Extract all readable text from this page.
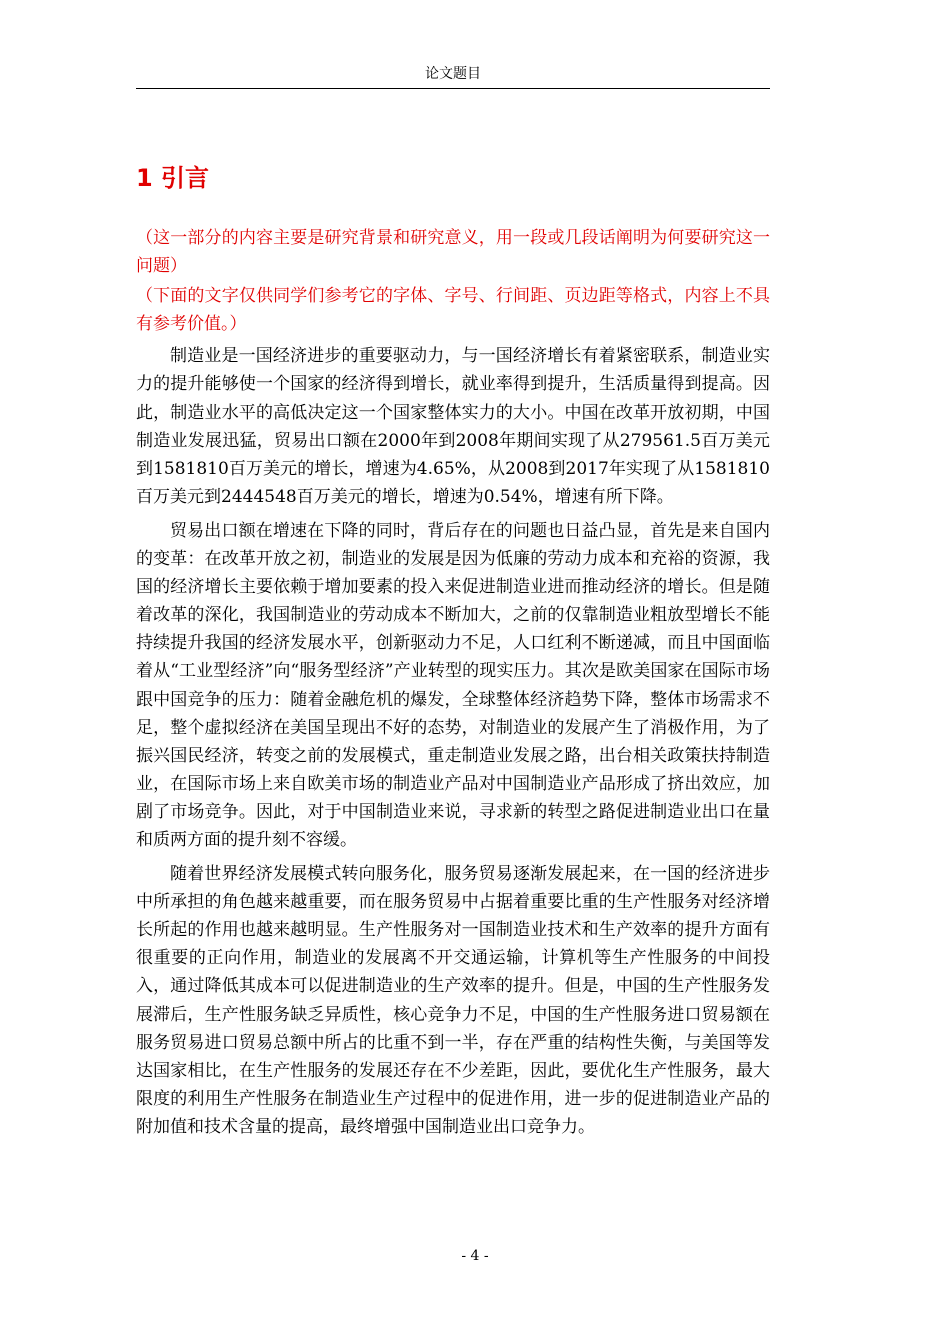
论文题目
1 引言

（这一部分的内容主要是研究背景和研究意义，用一段或几段话阐明为何要研究这一问题）

（下面的文字仅供同学们参考它的字体、字号、行间距、页边距等格式，内容上不具有参考价值。）

制造业是一国经济进步的重要驱动力，与一国经济增长有着紧密联系，制造业实力的提升能够使一个国家的经济得到增长，就业率得到提升，生活质量得到提高。因此，制造业水平的高低决定这一个国家整体实力的大小。中国在改革开放初期，中国制造业发展迅猛，贸易出口额在2000年到2008年期间实现了从279561.5百万美元到1581810百万美元的增长，增速为4.65%，从2008到2017年实现了从1581810百万美元到2444548百万美元的增长，增速为0.54%，增速有所下降。

贸易出口额在增速在下降的同时，背后存在的问题也日益凸显，首先是来自国内的变革：在改革开放之初，制造业的发展是因为低廉的劳动力成本和充裕的资源，我国的经济增长主要依赖于增加要素的投入来促进制造业进而推动经济的增长。但是随着改革的深化，我国制造业的劳动成本不断加大，之前的仅靠制造业粗放型增长不能持续提升我国的经济发展水平，创新驱动力不足，人口红利不断递减，而且中国面临着从“工业型经济”向“服务型经济”产业转型的现实压力。其次是欧美国家在国际市场跟中国竞争的压力：随着金融危机的爆发，全球整体经济趋势下降，整体市场需求不足，整个虚拟经济在美国呈现出不好的态势，对制造业的发展产生了消极作用，为了振兴国民经济，转变之前的发展模式，重走制造业发展之路，出台相关政策扶持制造业，在国际市场上来自欧美市场的制造业产品对中国制造业产品形成了挤出效应，加剧了市场竞争。因此，对于中国制造业来说，寻求新的转型之路促进制造业出口在量和质两方面的提升刻不容缓。

随着世界经济发展模式转向服务化，服务贸易逐渐发展起来，在一国的经济进步中所承担的角色越来越重要，而在服务贸易中占据着重要比重的生产性服务对经济增长所起的作用也越来越明显。生产性服务对一国制造业技术和生产效率的提升方面有很重要的正向作用，制造业的发展离不开交通运输，计算机等生产性服务的中间投入，通过降低其成本可以促进制造业的生产效率的提升。但是，中国的生产性服务发展滞后，生产性服务缺乏异质性，核心竞争力不足，中国的生产性服务进口贸易额在服务贸易进口贸易总额中所占的比重不到一半，存在严重的结构性失衡，与美国等发达国家相比，在生产性服务的发展还存在不少差距，因此，要优化生产性服务，最大限度的利用生产性服务在制造业生产过程中的促进作用，进一步的促进制造业产品的附加值和技术含量的提高，最终增强中国制造业出口竞争力。

- 4 -
